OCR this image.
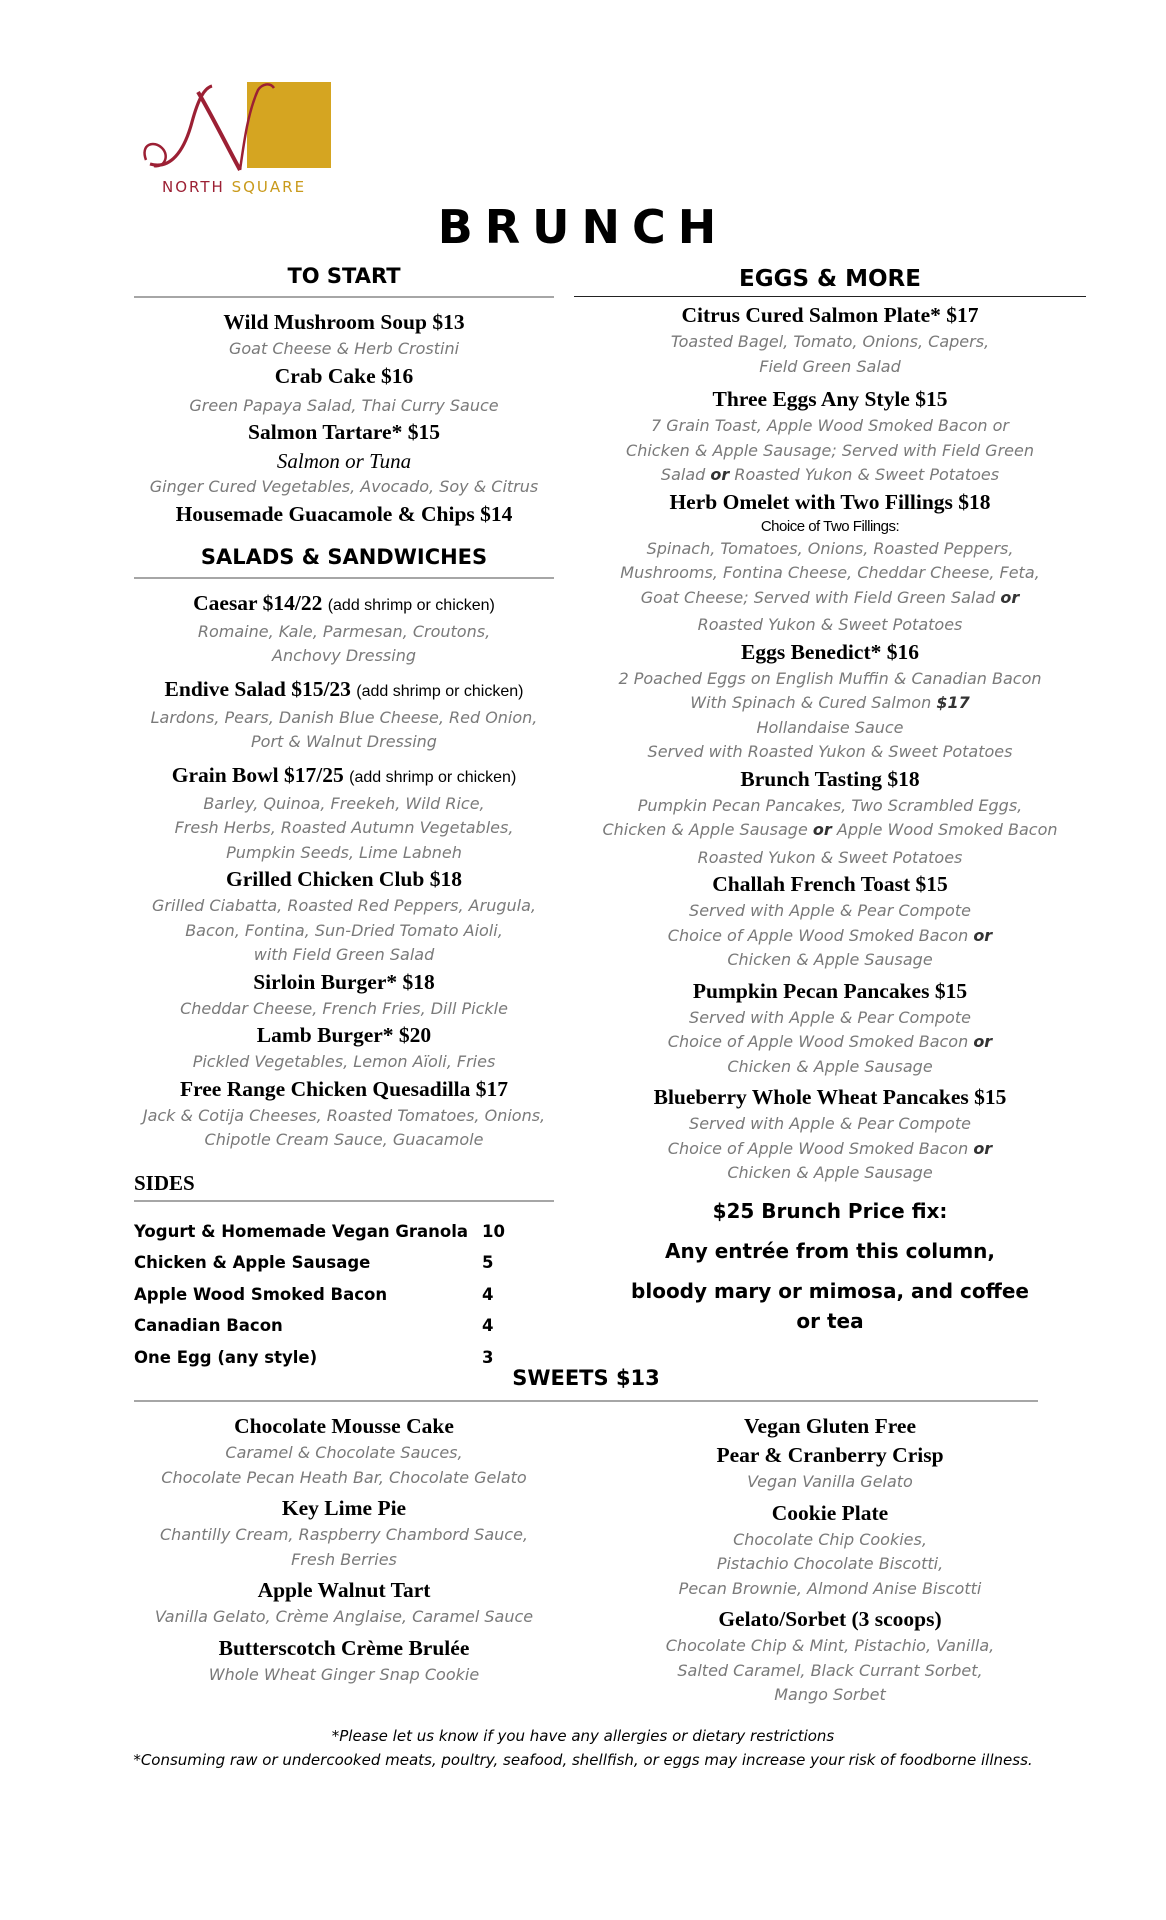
NORTH SQUARE
BRUNCH
TO START
Wild Mushroom Soup $13
Goat Cheese & Herb Crostini
Crab Cake $16
Green Papaya Salad, Thai Curry Sauce
Salmon Tartare* $15
Salmon or Tuna
Ginger Cured Vegetables, Avocado, Soy & Citrus
Housemade Guacamole & Chips $14
SALADS & SANDWICHES
Caesar $14/22 (add shrimp or chicken)
Romaine, Kale, Parmesan, Croutons,
Anchovy Dressing
Endive Salad $15/23 (add shrimp or chicken)
Lardons, Pears, Danish Blue Cheese, Red Onion,
Port & Walnut Dressing
Grain Bowl $17/25 (add shrimp or chicken)
Barley, Quinoa, Freekeh, Wild Rice,
Fresh Herbs, Roasted Autumn Vegetables,
Pumpkin Seeds, Lime Labneh
Grilled Chicken Club $18
Grilled Ciabatta, Roasted Red Peppers, Arugula,
Bacon, Fontina, Sun-Dried Tomato Aioli,
with Field Green Salad
Sirloin Burger* $18
Cheddar Cheese, French Fries, Dill Pickle
Lamb Burger* $20
Pickled Vegetables, Lemon Aïoli, Fries
Free Range Chicken Quesadilla $17
Jack & Cotija Cheeses, Roasted Tomatoes, Onions,
Chipotle Cream Sauce, Guacamole
SIDES
Yogurt & Homemade Vegan Granola 10
Chicken & Apple Sausage	5
Apple Wood Smoked Bacon	4
Canadian Bacon	4
One Egg (any style)	3
EGGS & MORE
Citrus Cured Salmon Plate* $17
Toasted Bagel, Tomato, Onions, Capers,
Field Green Salad
Three Eggs Any Style $15
7 Grain Toast, Apple Wood Smoked Bacon or
Chicken & Apple Sausage; Served with Field Green
Salad or Roasted Yukon & Sweet Potatoes
Herb Omelet with Two Fillings $18
Choice of Two Fillings:
Spinach, Tomatoes, Onions, Roasted Peppers,
Mushrooms, Fontina Cheese, Cheddar Cheese, Feta,
Goat Cheese; Served with Field Green Salad or
Roasted Yukon & Sweet Potatoes
Eggs Benedict* $16
2 Poached Eggs on English Muffin & Canadian Bacon
With Spinach & Cured Salmon $17
Hollandaise Sauce
Served with Roasted Yukon & Sweet Potatoes
Brunch Tasting $18
Pumpkin Pecan Pancakes, Two Scrambled Eggs,
Chicken & Apple Sausage or Apple Wood Smoked Bacon
Roasted Yukon & Sweet Potatoes
Challah French Toast $15
Served with Apple & Pear Compote
Choice of Apple Wood Smoked Bacon or
Chicken & Apple Sausage
Pumpkin Pecan Pancakes $15
Served with Apple & Pear Compote
Choice of Apple Wood Smoked Bacon or
Chicken & Apple Sausage
Blueberry Whole Wheat Pancakes $15
Served with Apple & Pear Compote
Choice of Apple Wood Smoked Bacon or
Chicken & Apple Sausage
$25 Brunch Price fix:
Any entrée from this column,
bloody mary or mimosa, and coffee
or tea
SWEETS $13
Chocolate Mousse Cake
Caramel & Chocolate Sauces,
Chocolate Pecan Heath Bar, Chocolate Gelato
Key Lime Pie
Chantilly Cream, Raspberry Chambord Sauce,
Fresh Berries
Apple Walnut Tart
Vanilla Gelato, Crème Anglaise, Caramel Sauce
Butterscotch Crème Brulée
Whole Wheat Ginger Snap Cookie
Vegan Gluten Free
Pear & Cranberry Crisp
Vegan Vanilla Gelato
Cookie Plate
Chocolate Chip Cookies,
Pistachio Chocolate Biscotti,
Pecan Brownie, Almond Anise Biscotti
Gelato/Sorbet (3 scoops)
Chocolate Chip & Mint, Pistachio, Vanilla,
Salted Caramel, Black Currant Sorbet,
Mango Sorbet
*Please let us know if you have any allergies or dietary restrictions
*Consuming raw or undercooked meats, poultry, seafood, shellfish, or eggs may increase your risk of foodborne illness.
